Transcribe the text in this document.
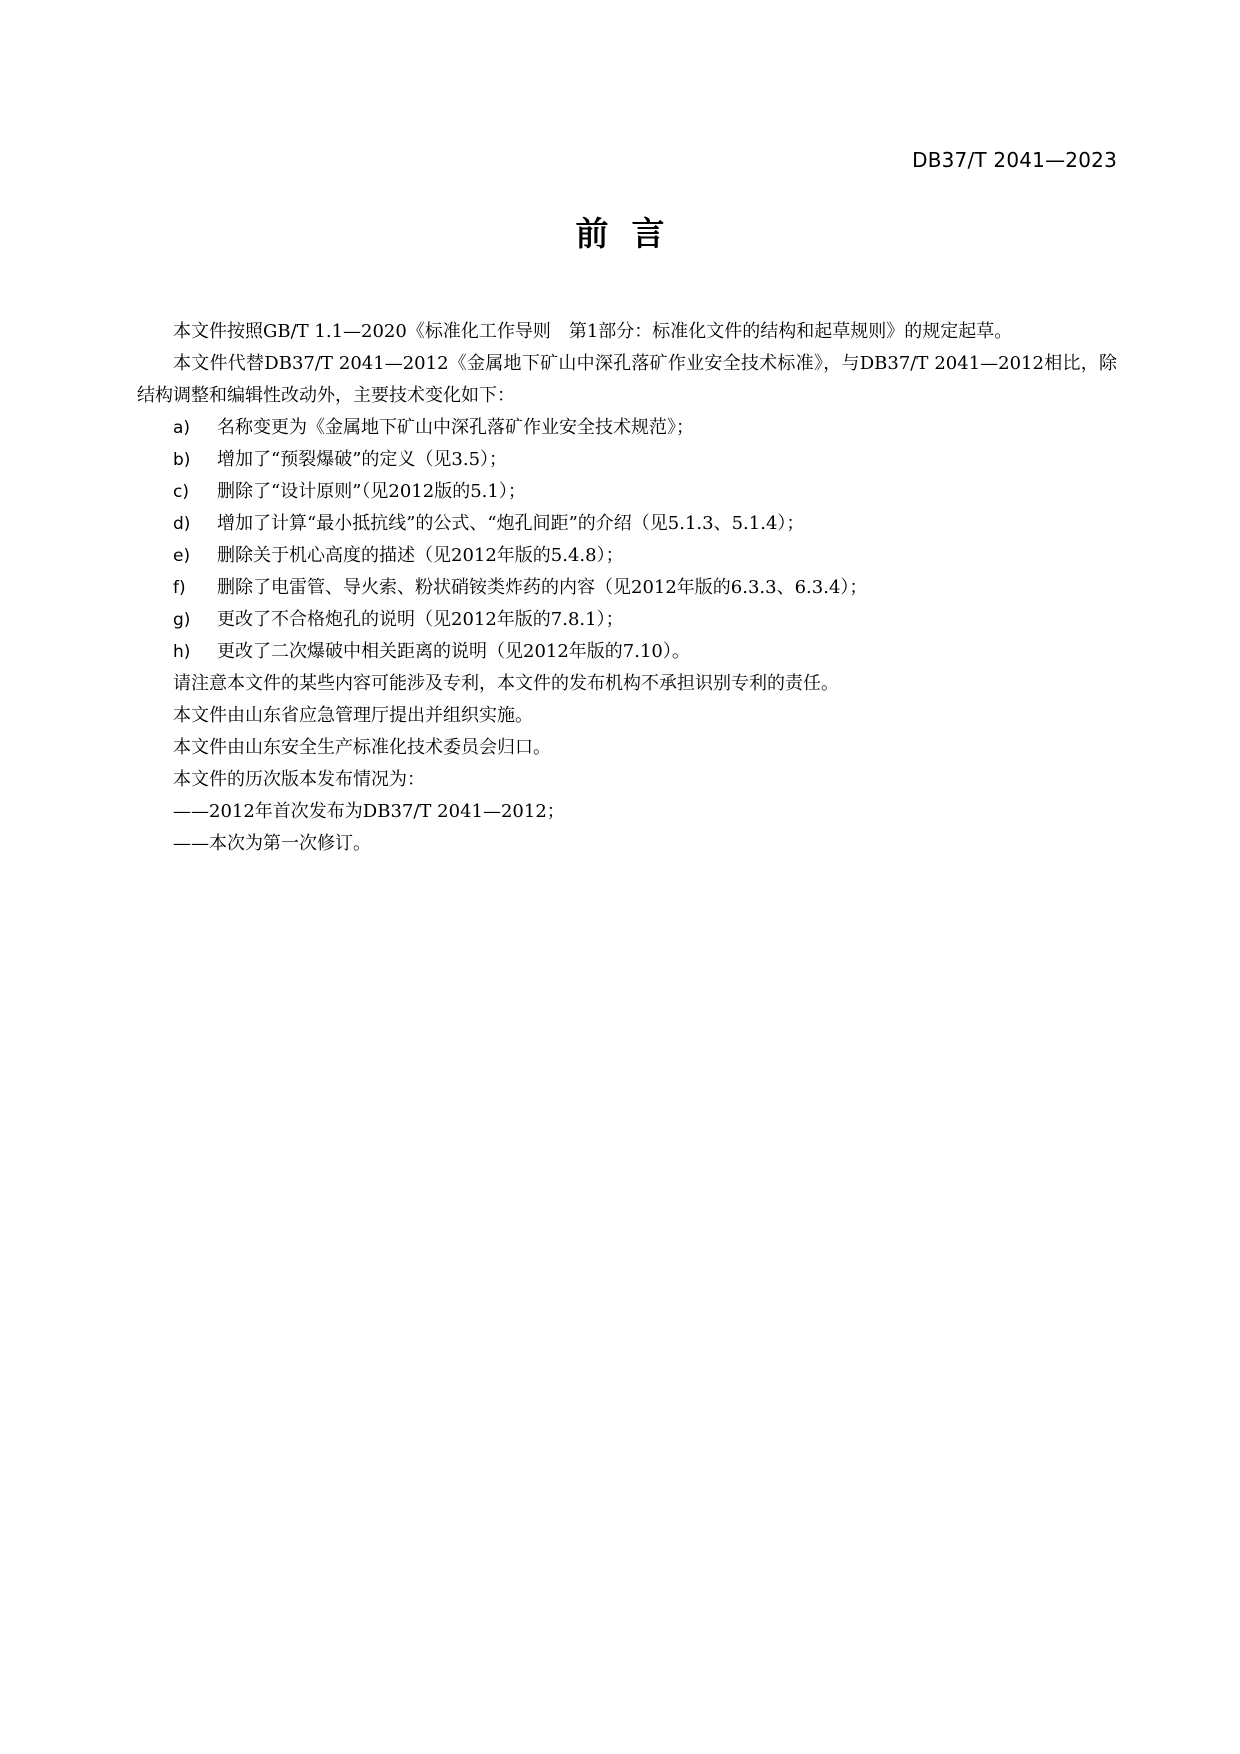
DB37/T 2041—2023
前  言

本文件按照GB/T 1.1—2020《标准化工作导则　第1部分：标准化文件的结构和起草规则》的规定起草。

本文件代替DB37/T 2041—2012《金属地下矿山中深孔落矿作业安全技术标准》，与DB37/T 2041—2012相比，除结构调整和编辑性改动外，主要技术变化如下：

a) 名称变更为《金属地下矿山中深孔落矿作业安全技术规范》；

b) 增加了“预裂爆破”的定义（见3.5）；

c) 删除了“设计原则”（见2012版的5.1）；

d) 增加了计算“最小抵抗线”的公式、“炮孔间距”的介绍（见5.1.3、5.1.4）；

e) 删除关于机心高度的描述（见2012年版的5.4.8）；

f) 删除了电雷管、导火索、粉状硝铵类炸药的内容（见2012年版的6.3.3、6.3.4）；

g) 更改了不合格炮孔的说明（见2012年版的7.8.1）；

h) 更改了二次爆破中相关距离的说明（见2012年版的7.10）。

请注意本文件的某些内容可能涉及专利，本文件的发布机构不承担识别专利的责任。

本文件由山东省应急管理厅提出并组织实施。

本文件由山东安全生产标准化技术委员会归口。

本文件的历次版本发布情况为：

——2012年首次发布为DB37/T 2041—2012；

——本次为第一次修订。
